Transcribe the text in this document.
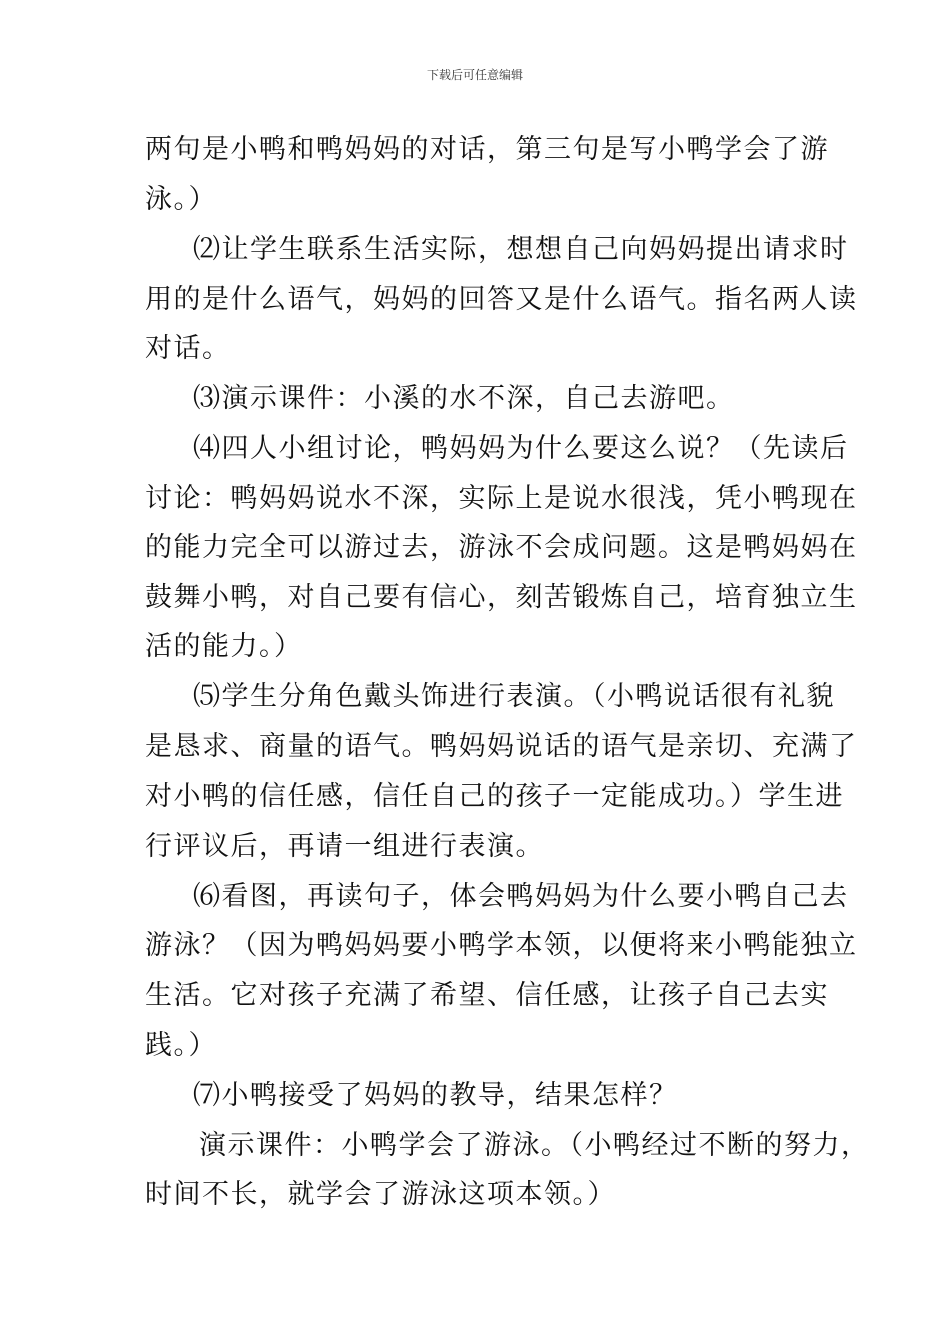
下载后可任意编辑
两句是小鸭和鸭妈妈的对话，第三句是写小鸭学会了游
泳。）
⑵让学生联系生活实际，想想自己向妈妈提出请求时
用的是什么语气，妈妈的回答又是什么语气。指名两人读
对话。
⑶演示课件：小溪的水不深，自己去游吧。
⑷四人小组讨论，鸭妈妈为什么要这么说？（先读后
讨论：鸭妈妈说水不深，实际上是说水很浅，凭小鸭现在
的能力完全可以游过去，游泳不会成问题。这是鸭妈妈在
鼓舞小鸭，对自己要有信心，刻苦锻炼自己，培育独立生
活的能力。）
⑸学生分角色戴头饰进行表演。（小鸭说话很有礼貌
是恳求、商量的语气。鸭妈妈说话的语气是亲切、充满了
对小鸭的信任感，信任自己的孩子一定能成功。）学生进
行评议后，再请一组进行表演。
⑹看图，再读句子，体会鸭妈妈为什么要小鸭自己去
游泳？（因为鸭妈妈要小鸭学本领，以便将来小鸭能独立
生活。它对孩子充满了希望、信任感，让孩子自己去实
践。）
⑺小鸭接受了妈妈的教导，结果怎样？
演示课件：小鸭学会了游泳。（小鸭经过不断的努力，
时间不长，就学会了游泳这项本领。）
